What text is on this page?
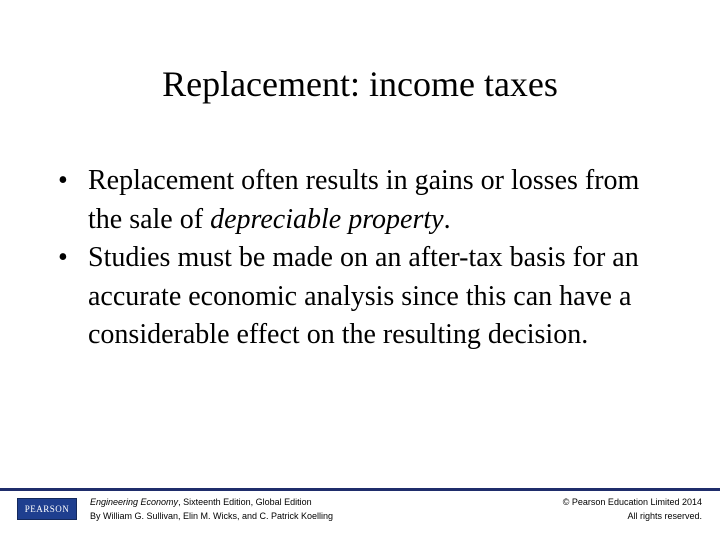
Replacement: income taxes
• Replacement often results in gains or losses from the sale of depreciable property.
• Studies must be made on an after-tax basis for an accurate economic analysis since this can have a considerable effect on the resulting decision.
PEARSON
Engineering Economy, Sixteenth Edition, Global Edition
By William G. Sullivan, Elin M. Wicks, and C. Patrick Koelling
© Pearson Education Limited 2014
All rights reserved.
